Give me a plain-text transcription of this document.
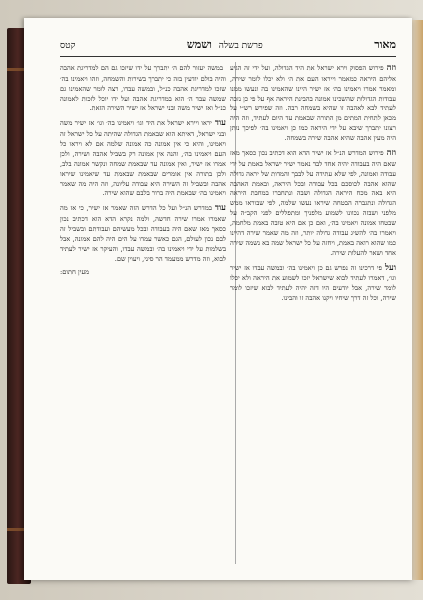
מאור
פרשת בשלה ושמש
קטס

וזהפירוש הפסוק וירא ישראל את היד הגדולה, ועל ידי זה הגיע אליהם היראה כמאמר וייראו העם את ה׳ ולא יכלו לומר שירה, ומאמר אמרו ויאמינו בה׳ אז ישיר היינו שהאמינו בה ונעשו ממנו עבודות הגדולות שהשכינו אמונה בהבינת היראה אף על פי כן נזכה לעתיד לבא לאהבה זו שהיא בשמחה רבה. וזה שפירש רש״י על מכאן לתחית המתים מן התורה שבאמת עד היום לעתיד, וזה היה רצונו יתברך שיבא על ידי היראה כמו כן ויאמינו בה׳ לפיכך נותן היה מעין אהבה שהיא אהבה שירה בשמחה.

וזהפירוש המדרש הנ״ל אז ישיר הדא הוא דכתיב נכון כסאך מאז שאם היה בעבודה יהיה אחד לבד נאמר ישיר ישראל באמת על ידי עבודה ואמונה, לפי שלא עתידה על לבבך והמדות של יראה גדולה שהוא אהבה לכוסכם בכל עבודה ובכל היראה, ובאמת האהבה היא באה מכח היראה הגדולה ושבה ונתחברו במחבת היראה הגדולה ונתגברה הבטחה שיראו נעשו שלמה, לפי שבוראו ממש מלפני ושבזה נכוונו לשמוע מלפניך ומתפללים לפני הקב״ה על שבטחו אמונה ויאמינו בה׳, ואם כן אם היא טובה באמת מלחמה, ויאמרו בה׳ להשיג עבודה גדולה יותר, וזה מה שאמר שירה דהיינו כמו שהוא רואה באמת, ויחזה על כל ישראל שמה בא נשמה שירה אחד ושאר להעלות שירה.

ועלפי דרכינו זה נפרש גם כן ויאמינו בה׳ ובמשה עבדו אז ישיר וגו׳, דאמרו לעתיד לבוא שישראל יזכו לשמוע את היראה ולא יכלו לומר שירה, אבל יודעים היו דזה יהיה לעתיד לבוא שיזכו לומר שירה, וכל זה דרך שיחיו ויקנו אהבה זו והבינו.

במשה יעזור להם ה׳ יתברך על ידו שיזכו גם הם למדריגת אהבה והיה בולם יודעין בזה כי יתברך בשירות והשמחה, וזהו ויאמינו בה׳ שזכו למדריגת אהבה כנ״ל, ובמשה עבדו, רצה לומר שהאמינו גם שמשה עבד ה׳ הוא במדריגת אהבה ועל ידו יוכל לזכות לאמונה כנ״ל ואז ישיר משה ובני ישראל אז ישיר השירה הזאת.

עודיראו ויירא ישראל את היד וגו׳ ויאמינו בה׳ וגו׳ אז ישיר משה ובני ישראל, דאיתא הוא שבאמת הגדולה שהיתה על כל ישראל זה ויאמינו, והיא כי אין אמונה כה אמונה שלמה אם לא ויראו כל העם ויאמינו בה׳, והנה אין אמונה רק בשביל אהבה ושירה, ולכן אמרו אז ישיר, ואין אמונה עד שבאמת שמחה ונקשר אמונה בלב, ולכן בתורה אין אומרים שבאמת שבאמת עד שיאמינו שיראו אהבה ובשביל זה השירה היא עבודה עליונה, וזה היה מה שאמר ויאמינו בה׳ שבאמת היה ברור בלבם שהוא שירה.

עודבמדרש הנ״ל ועל כל הדרש הזה שאמר אז ישיר, כי אז מה שאמרו אמרו שירה חדשה, ולמה נקרא הדא הוא דכתיב נכון כסאך מאז שאם היה בעבודה ובכל מעשיהם ועבודתם ובשביל זה לבם נכון לעולם, הגם כאשר עמדו על הים היה להם אמונה, אבל בשלמות על ידי ויאמינו בה׳ ובמשה עבדו, והעיקר אז ישיר לעתיד לבוא, וזה מדרש ממעמד הר סיני, ויעוין שם.

מעין חתום:
